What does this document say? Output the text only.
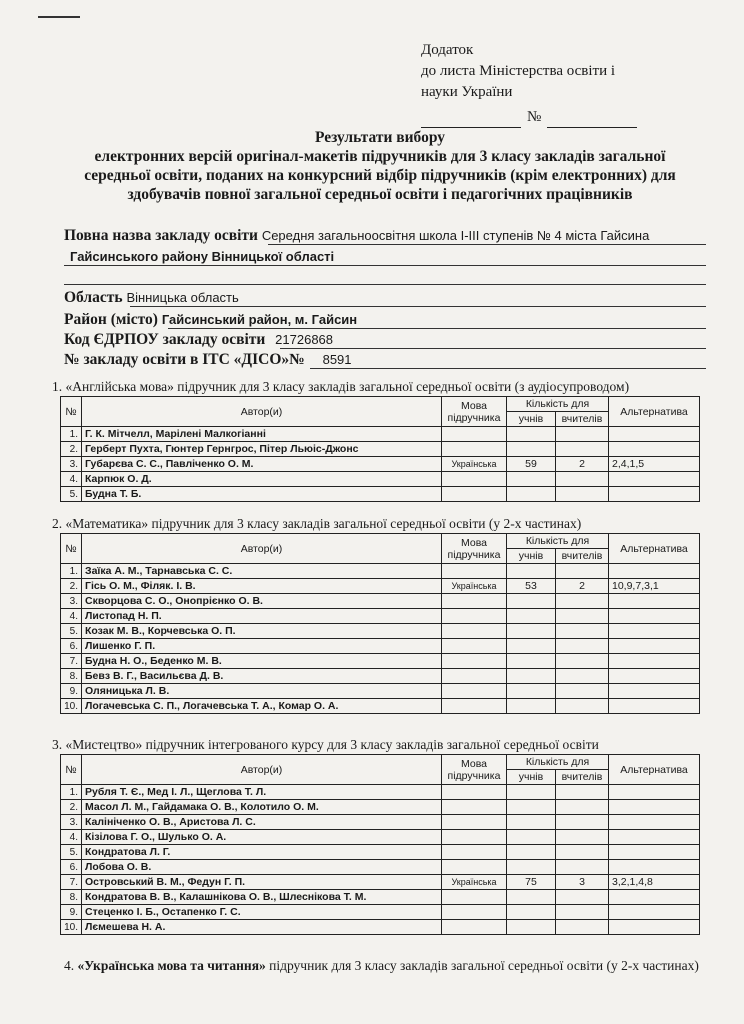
Додаток
до листа Міністерства освіти і
науки України
№
Результати вибору
електронних версій оригінал-макетів підручників для 3 класу закладів загальної середньої освіти, поданих на конкурсний відбір підручників (крім електронних) для здобувачів повної загальної середньої освіти і педагогічних працівників
Повна назва закладу освіти Середня загальноосвітня школа І-ІІІ ступенів № 4 міста Гайсина
Гайсинського району Вінницької області
Область Вінницька область
Район (місто) Гайсинський район, м. Гайсин
Код ЄДРПОУ закладу освіти 21726868
№ закладу освіти в ІТС «ДІСО»№ 8591
1. «Англійська мова» підручник для 3 класу закладів загальної середньої освіти (з аудіосупроводом)
№	Автор(и)	Мова підручника	Кількість для		Альтернатива
			учнів	вчителів	
1.	Г. К. Мітчелл, Марілені Малкогіанні				
2.	Герберт Пухта, Гюнтер Гернгрос, Пітер Льюіс-Джонс				
3.	Губарєва С. С., Павліченко О. М.	Українська	59	2	2,4,1,5
4.	Карпюк О. Д.				
5.	Будна Т. Б.				
2. «Математика» підручник для 3 класу закладів загальної середньої освіти (у 2-х частинах)
№	Автор(и)	Мова підручника	Кількість для		Альтернатива
			учнів	вчителів	
1.	Заїка А. М., Тарнавська С. С.				
2.	Гісь О. М., Філяк. І. В.	Українська	53	2	10,9,7,3,1
3.	Скворцова С. О., Онопрієнко О. В.				
4.	Листопад Н. П.				
5.	Козак М. В., Корчевська О. П.				
6.	Лишенко Г. П.				
7.	Будна Н. О., Беденко М. В.				
8.	Бевз В. Г., Васильєва Д. В.				
9.	Оляницька Л. В.				
10.	Логачевська С. П., Логачевська Т. А., Комар О. А.				
3. «Мистецтво» підручник інтегрованого курсу для 3 класу закладів загальної середньої освіти
№	Автор(и)	Мова підручника	Кількість для		Альтернатива
			учнів	вчителів	
1.	Рубля Т. Є., Мед І. Л., Щеглова Т. Л.				
2.	Масол Л. М., Гайдамака О. В., Колотило О. М.				
3.	Калініченко О. В., Аристова Л. С.				
4.	Кізілова Г. О., Шулько О. А.				
5.	Кондратова Л. Г.				
6.	Лобова О. В.				
7.	Островський В. М., Федун Г. П.	Українська	75	3	3,2,1,4,8
8.	Кондратова В. В., Калашнікова О. В., Шлеснікова Т. М.				
9.	Стеценко І. Б., Остапенко Г. С.				
10.	Лємешева Н. А.				
4. «Українська мова та читання» підручник для 3 класу закладів загальної середньої освіти (у 2-х частинах)
